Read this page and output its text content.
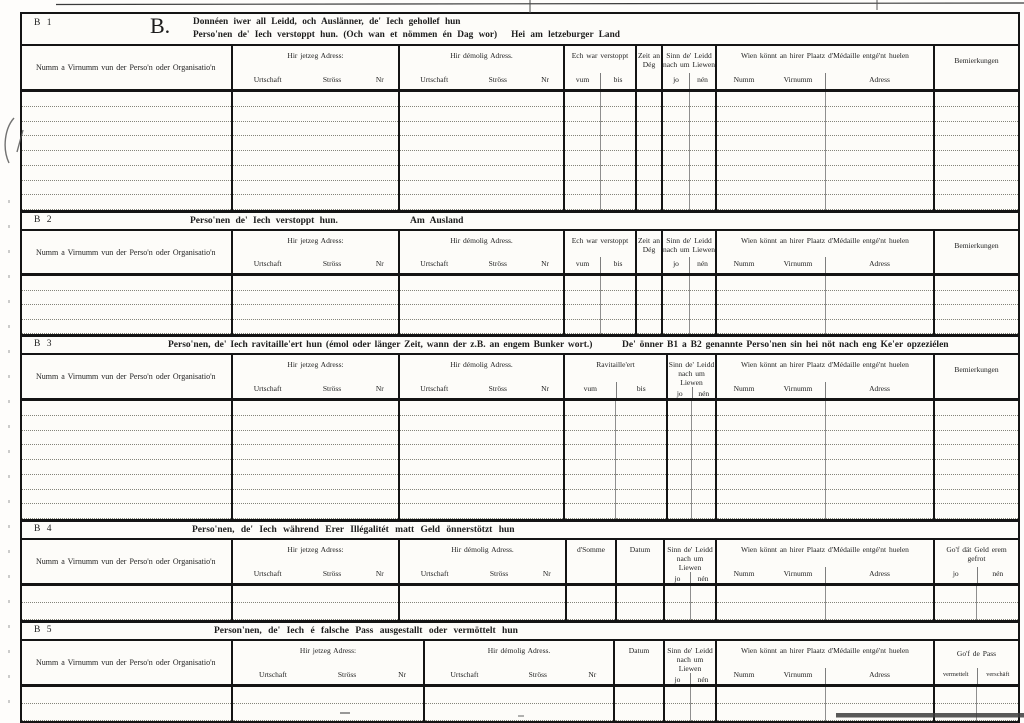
B 1	B. Donnéen iwer all Leidd, och Auslänner, de' Iech gehollef hun
Perso'nen de' Iech verstoppt hun. (Och wan et nömmen én Dag wor) Hei am letzeburger Land
Numm a Virnumm vun der Perso'n oder Organisatio'n
Hir jetzeg Adress:
Urtschaft	Ströss	Nr
Hir démolig Adress.
Urtschaft	Ströss	Nr
Ech war verstoppt
vum	bis
Zeit an Dég
Sinn de' Leidd nach um Liewen
jo	nén
Wien könnt an hirer Plaatz d'Médaille entgé'nt huelen
Numm	Virnumm	Adress
Bemierkungen
B 2	Perso'nen de' Iech verstoppt hun.	Am Ausland
Numm a Virnumm vun der Perso'n oder Organisatio'n
Hir jetzeg Adress:
Urtschaft	Ströss	Nr
Hir démolig Adress.
Urtschaft	Ströss	Nr
Ech war verstoppt
vum	bis
Zeit an Dég
Sinn de' Leidd nach um Liewen
jo	nén
Wien könnt an hirer Plaatz d'Médaille entgé'nt huelen
Numm	Virnumm	Adress
Bemierkungen
B 3	Perso'nen, de' Iech ravitaille'ert hun (émol oder länger Zeit, wann der z.B. an engem Bunker wort.)	De' önner B1 a B2 genannte Perso'nen sin hei nöt nach eng Ke'er opzeziélen
Numm a Virnumm vun der Perso'n oder Organisatio'n
Hir jetzeg Adress:
Urtschaft	Ströss	Nr
Hir démolig Adress.
Urtschaft	Ströss	Nr
Ravitaille'ert
vum	bis
Sinn de' Leidd nach um Liewen
jo	nén
Wien könnt an hirer Plaatz d'Médaille entgé'nt huelen
Numm	Virnumm	Adress
Bemierkungen
B 4	Perso'nen, de' Iech während Erer Illégalitét matt Geld önnerstötzt hun
Numm a Virnumm vun der Perso'n oder Organisatio'n
Hir jetzeg Adress:
Urtschaft	Ströss	Nr
Hir démolig Adress.
Urtschaft	Ströss	Nr
d'Somme	Datum	Sinn de' Leidd nach um Liewen
jo	nén
Wien könnt an hirer Plaatz d'Médaille entgé'nt huelen
Numm	Virnumm	Adress
Go'f dät Geld erem gefrot
jo	nén
B 5	Person'nen, de' Iech é falsche Pass ausgestallt oder vermöttelt hun
Numm a Virnumm vun der Perso'n oder Organisatio'n
Hir jetzeg Adress:
Urtschaft	Ströss	Nr
Hir démolig Adress.
Urtschaft	Ströss	Nr
Datum	Sinn de' Leidd nach um Liewen
jo	nén
Wien könnt an hirer Plaatz d'Médaille entgé'nt huelen
Numm	Virnumm	Adress
Go'f de Pass
vermettelt	verschäft
